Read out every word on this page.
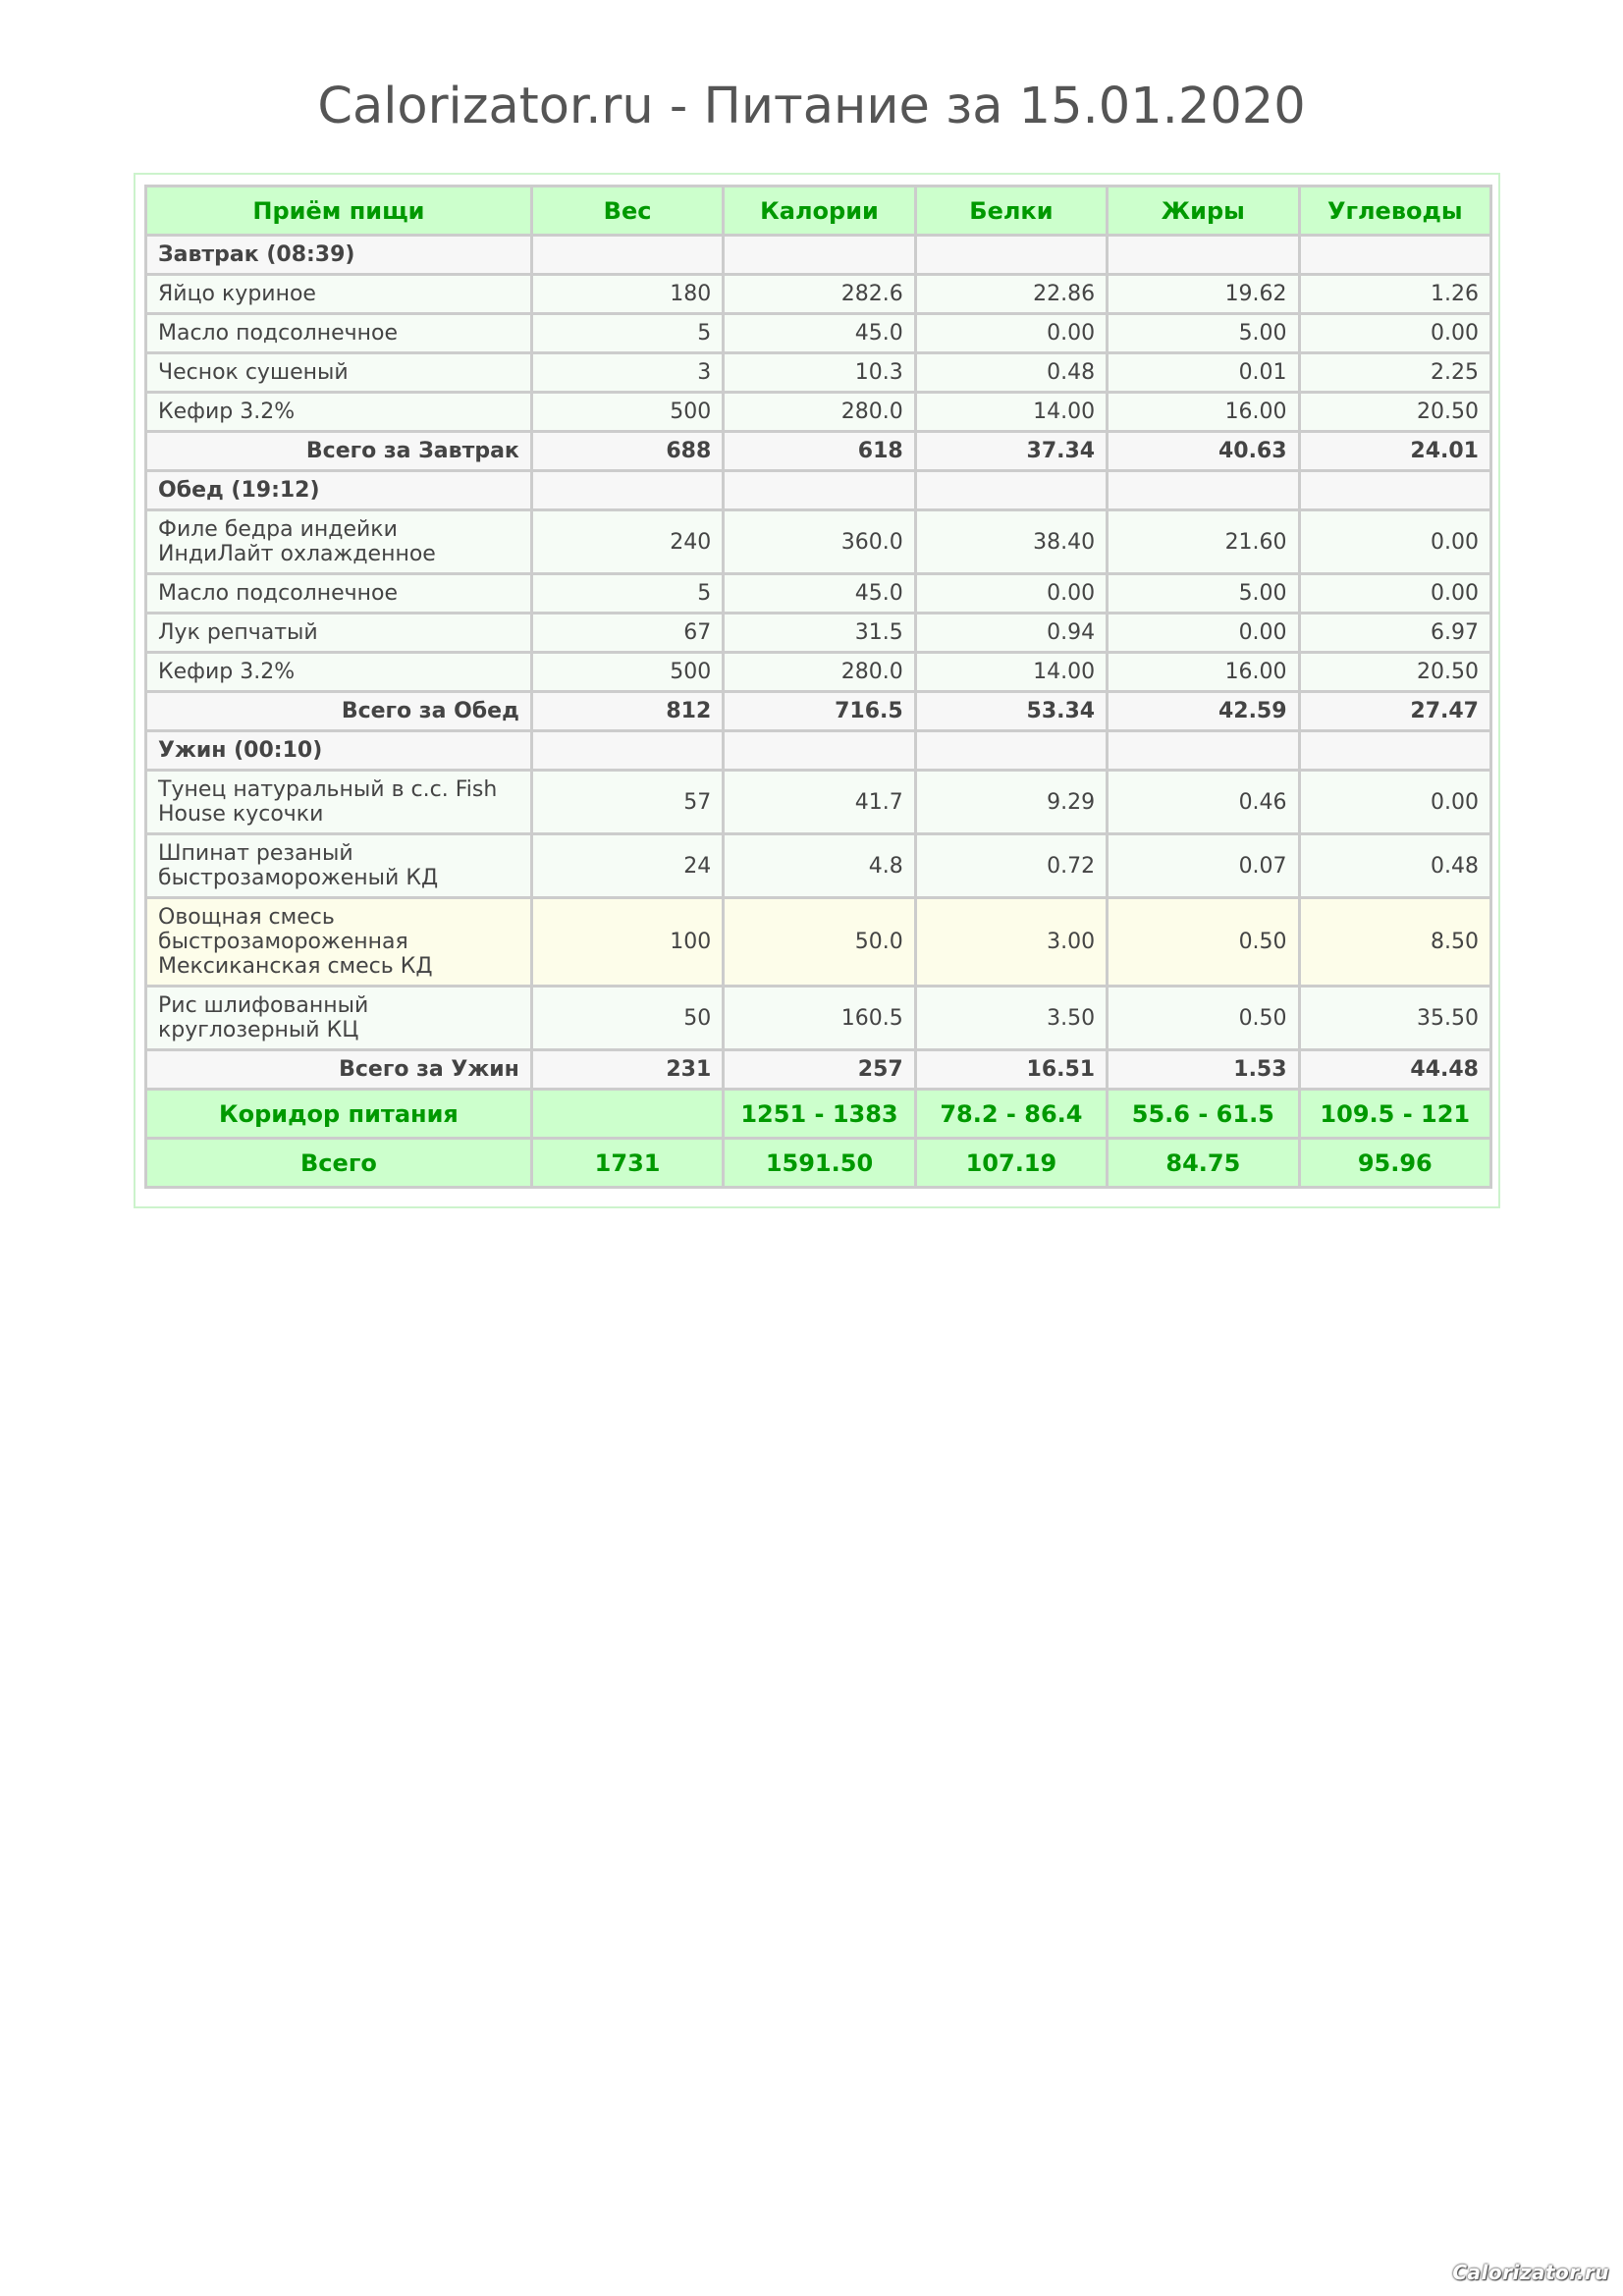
Calorizator.ru - Питание за 15.01.2020
Приём пищи	Вес	Калории	Белки	Жиры	Углеводы
Завтрак (08:39)					
Яйцо куриное	180	282.6	22.86	19.62	1.26
Масло подсолнечное	5	45.0	0.00	5.00	0.00
Чеснок сушеный	3	10.3	0.48	0.01	2.25
Кефир 3.2%	500	280.0	14.00	16.00	20.50
Всего за Завтрак	688	618	37.34	40.63	24.01
Обед (19:12)					
Филе бедра индейки ИндиЛайт охлажденное	240	360.0	38.40	21.60	0.00
Масло подсолнечное	5	45.0	0.00	5.00	0.00
Лук репчатый	67	31.5	0.94	0.00	6.97
Кефир 3.2%	500	280.0	14.00	16.00	20.50
Всего за Обед	812	716.5	53.34	42.59	27.47
Ужин (00:10)					
Тунец натуральный в с.с. Fish House кусочки	57	41.7	9.29	0.46	0.00
Шпинат резаный быстрозамороженый КД	24	4.8	0.72	0.07	0.48
Овощная смесь быстрозамороженная Мексиканская смесь КД	100	50.0	3.00	0.50	8.50
Рис шлифованный круглозерный КЦ	50	160.5	3.50	0.50	35.50
Всего за Ужин	231	257	16.51	1.53	44.48
Коридор питания		1251 - 1383	78.2 - 86.4	55.6 - 61.5	109.5 - 121
Всего	1731	1591.50	107.19	84.75	95.96
Calorizator.ru
